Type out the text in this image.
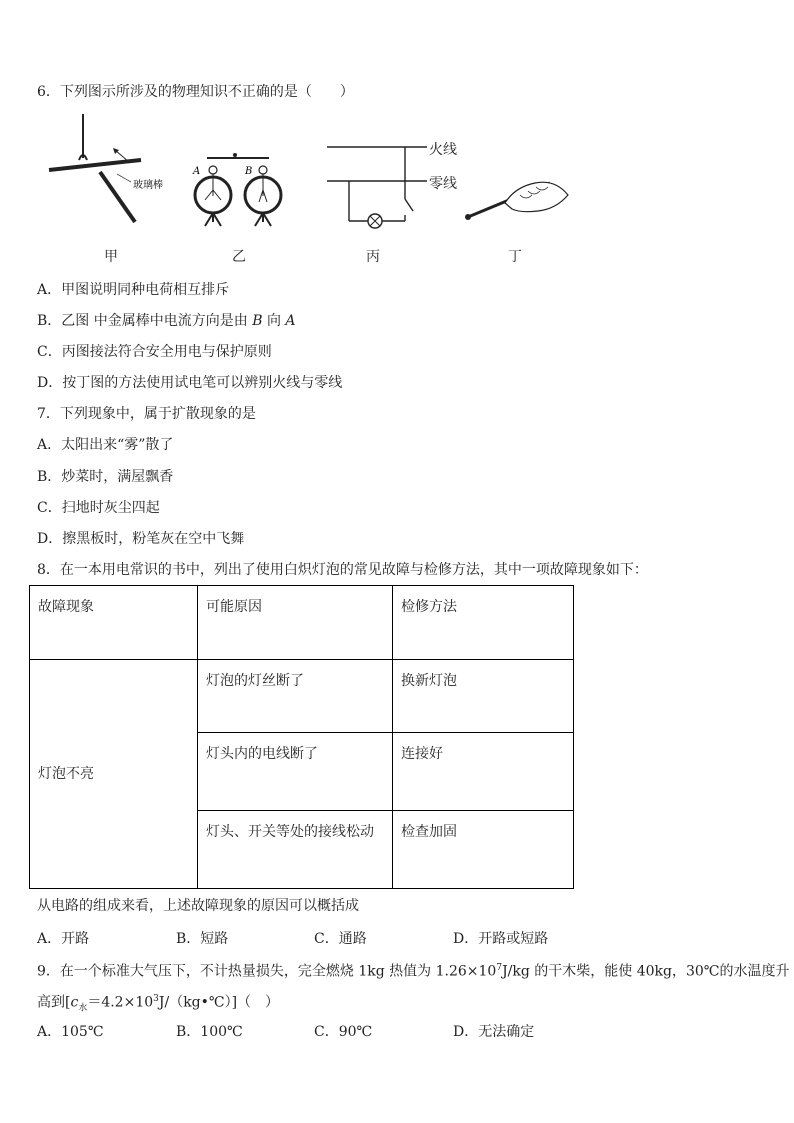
6．下列图示所涉及的物理知识不正确的是（　　）
玻璃棒
甲
A	B
乙
火线
零线
丙	丁
A．甲图说明同种电荷相互排斥
B．乙图 中金属棒中电流方向是由 B 向 A
C．丙图接法符合安全用电与保护原则
D．按丁图的方法使用试电笔可以辨别火线与零线
7．下列现象中，属于扩散现象的是
A．太阳出来“雾”散了
B．炒菜时，满屋飘香
C．扫地时灰尘四起
D．擦黑板时，粉笔灰在空中飞舞
8．在一本用电常识的书中，列出了使用白炽灯泡的常见故障与检修方法，其中一项故障现象如下：
故障现象	可能原因	检修方法
灯泡不亮	灯泡的灯丝断了	换新灯泡
	灯头内的电线断了	连接好
	灯头、开关等处的接线松动	检查加固
从电路的组成来看，上述故障现象的原因可以概括成
A．开路	B．短路	C．通路	D．开路或短路
9．在一个标准大气压下，不计热量损失，完全燃烧 1kg 热值为 $1.26\times 10^7J/kg$ 的干木柴，能使 40kg，30℃的水温度升
高到$[c_水=4.2\times 10^3J/(kg•℃)]$（　）
A．105℃	B．100℃	C．90℃	D．无法确定
